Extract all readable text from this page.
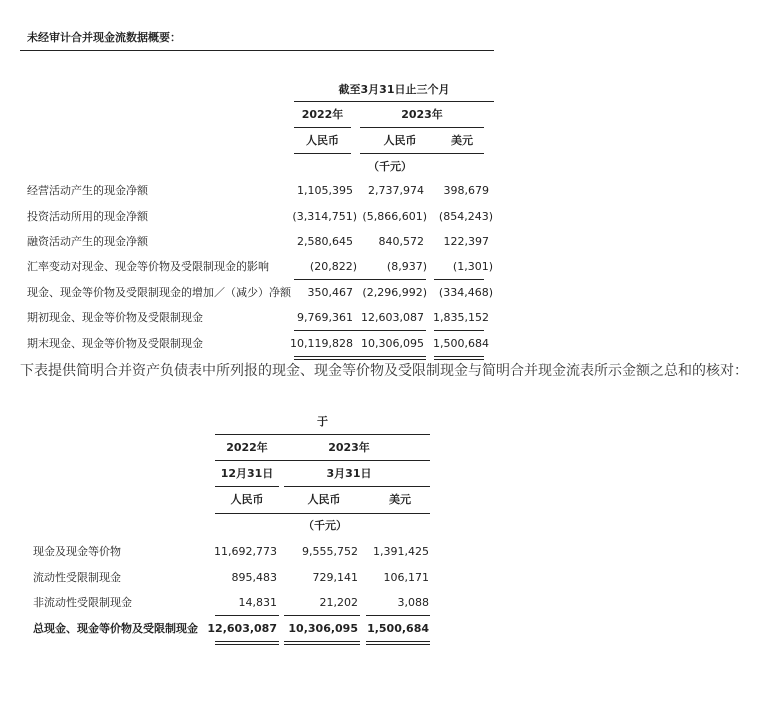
未经审计合并现金流数据概要：
截至3月31日止三个月
2022年	2023年
人民币	人民币	美元
（千元）
经营活动产生的现金净额	1,105,395	2,737,974	398,679
投资活动所用的现金净额	(3,314,751) (5,866,601)	(854,243)
融资活动产生的现金净额	2,580,645	840,572	122,397
汇率变动对现金、现金等价物及受限制现金的影响	(20,822)	(8,937)	(1,301)
现金、现金等价物及受限制现金的增加／（减少）净额	350,467 (2,296,992)	(334,468)
期初现金、现金等价物及受限制现金	9,769,361 12,603,087 1,835,152
期末现金、现金等价物及受限制现金	10,119,828 10,306,095 1,500,684
下表提供简明合并资产负债表中所列报的现金、现金等价物及受限制现金与简明合并现金流表所示金额之总和的核对：
于
2022年	2023年
12月31日	3月31日
人民币	人民币	美元
（千元）
现金及现金等价物	11,692,773	9,555,752	1,391,425
流动性受限制现金	895,483	729,141	106,171
非流动性受限制现金	14,831	21,202	3,088
总现金、现金等价物及受限制现金 12,603,087	10,306,095 1,500,684
